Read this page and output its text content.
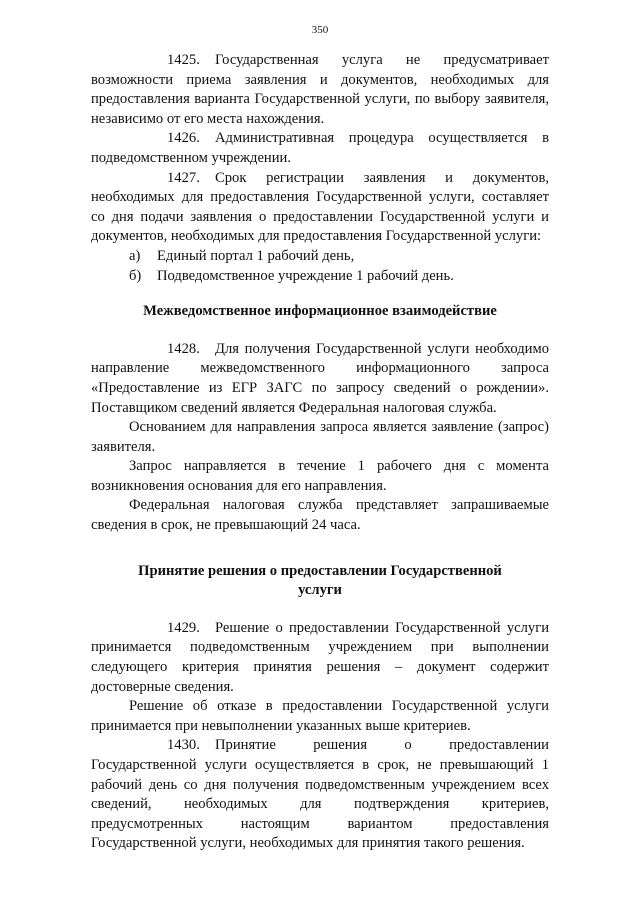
350

1425. Государственная услуга не предусматривает возможности приема заявления и документов, необходимых для предоставления варианта Государственной услуги, по выбору заявителя, независимо от его места нахождения.

1426. Административная процедура осуществляется в подведомственном учреждении.

1427. Срок регистрации заявления и документов, необходимых для предоставления Государственной услуги, составляет со дня подачи заявления о предоставлении Государственной услуги и документов, необходимых для предоставления Государственной услуги:

а) Единый портал 1 рабочий день,

б) Подведомственное учреждение 1 рабочий день.

Межведомственное информационное взаимодействие

1428. Для получения Государственной услуги необходимо направление межведомственного информационного запроса «Предоставление из ЕГР ЗАГС по запросу сведений о рождении». Поставщиком сведений является Федеральная налоговая служба.

Основанием для направления запроса является заявление (запрос) заявителя.

Запрос направляется в течение 1 рабочего дня с момента возникновения основания для его направления.

Федеральная налоговая служба представляет запрашиваемые сведения в срок, не превышающий 24 часа.

Принятие решения о предоставлении Государственной услуги

1429. Решение о предоставлении Государственной услуги принимается подведомственным учреждением при выполнении следующего критерия принятия решения – документ содержит достоверные сведения.

Решение об отказе в предоставлении Государственной услуги принимается при невыполнении указанных выше критериев.

1430. Принятие решения о предоставлении Государственной услуги осуществляется в срок, не превышающий 1 рабочий день со дня получения подведомственным учреждением всех сведений, необходимых для подтверждения критериев, предусмотренных настоящим вариантом предоставления Государственной услуги, необходимых для принятия такого решения.
